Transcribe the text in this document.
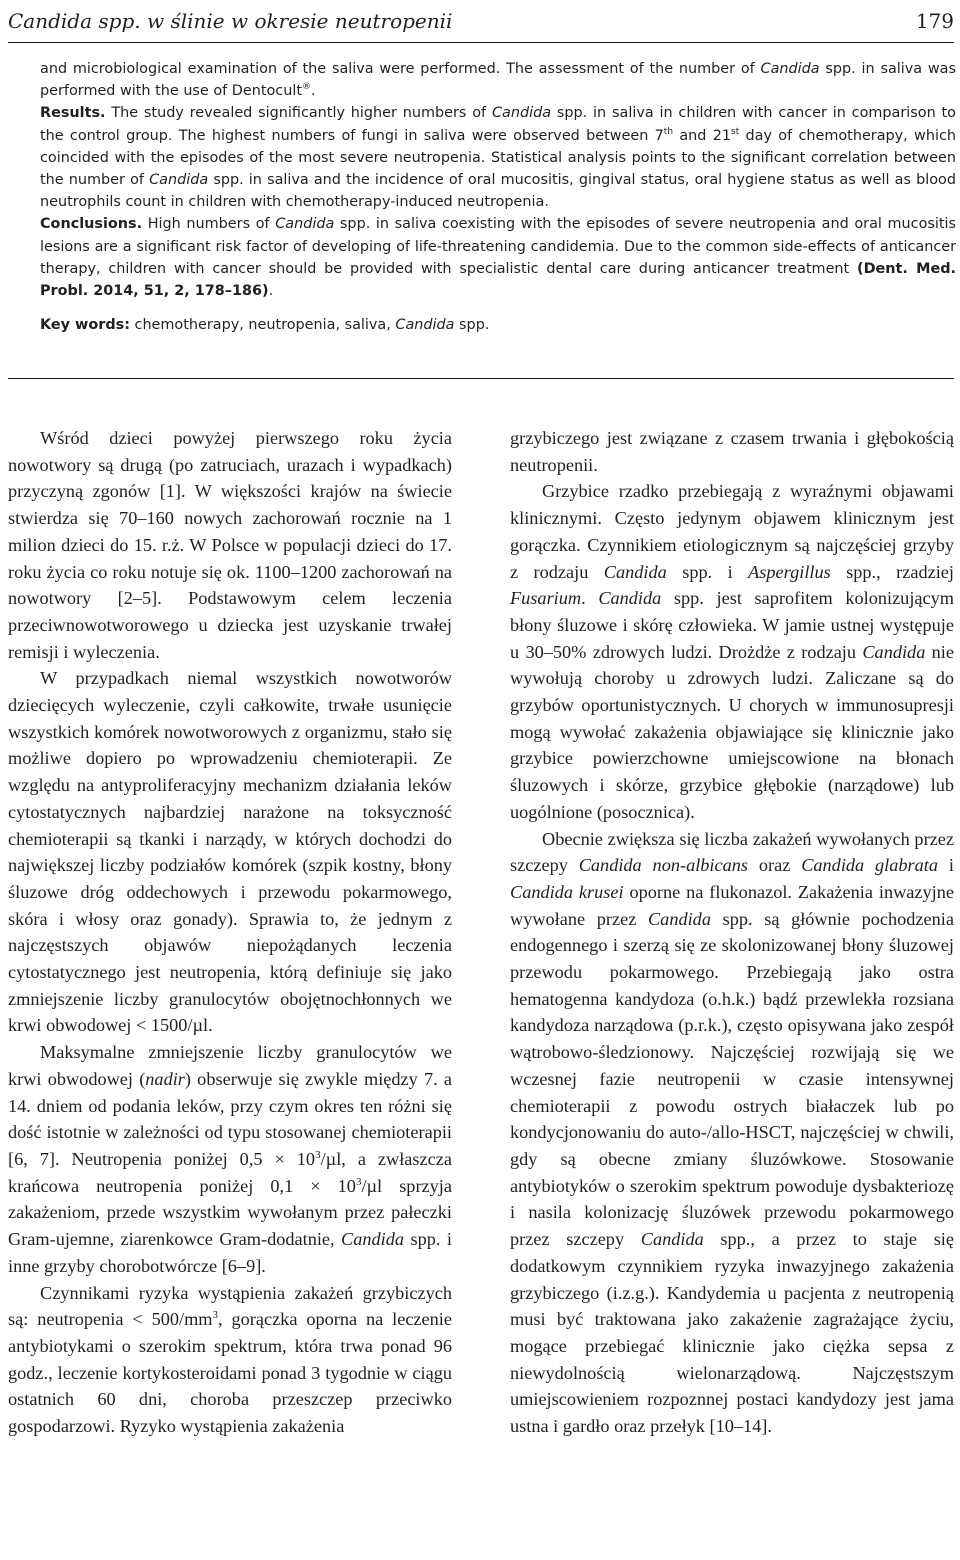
Candida spp. w ślinie w okresie neutropenii	179

and microbiological examination of the saliva were performed. The assessment of the number of Candida spp. in saliva was performed with the use of Dentocult®.
Results. The study revealed significantly higher numbers of Candida spp. in saliva in children with cancer in comparison to the control group. The highest numbers of fungi in saliva were observed between 7th and 21st day of chemotherapy, which coincided with the episodes of the most severe neutropenia. Statistical analysis points to the significant correlation between the number of Candida spp. in saliva and the incidence of oral mucositis, gingival status, oral hygiene status as well as blood neutrophils count in children with chemotherapy-induced neutropenia.
Conclusions. High numbers of Candida spp. in saliva coexisting with the episodes of severe neutropenia and oral mucositis lesions are a significant risk factor of developing of life-threatening candidemia. Due to the common side-effects of anticancer therapy, children with cancer should be provided with specialistic dental care during anticancer treatment (Dent. Med. Probl. 2014, 51, 2, 178–186).

Key words: chemotherapy, neutropenia, saliva, Candida spp.

Wśród dzieci powyżej pierwszego roku życia nowotwory są drugą (po zatruciach, urazach i wypadkach) przyczyną zgonów [1]. W większości krajów na świecie stwierdza się 70–160 nowych zachorowań rocznie na 1 milion dzieci do 15. r.ż. W Polsce w populacji dzieci do 17. roku życia co roku notuje się ok. 1100–1200 zachorowań na nowotwory [2–5]. Podstawowym celem leczenia przeciwnowotworowego u dziecka jest uzyskanie trwałej remisji i wyleczenia.

W przypadkach niemal wszystkich nowotworów dziecięcych wyleczenie, czyli całkowite, trwałe usunięcie wszystkich komórek nowotworowych z organizmu, stało się możliwe dopiero po wprowadzeniu chemioterapii. Ze względu na antyproliferacyjny mechanizm działania leków cytostatycznych najbardziej narażone na toksyczność chemioterapii są tkanki i narządy, w których dochodzi do największej liczby podziałów komórek (szpik kostny, błony śluzowe dróg oddechowych i przewodu pokarmowego, skóra i włosy oraz gonady). Sprawia to, że jednym z najczęstszych objawów niepożądanych leczenia cytostatycznego jest neutropenia, którą definiuje się jako zmniejszenie liczby granulocytów obojętnochłonnych we krwi obwodowej < 1500/µl.

Maksymalne zmniejszenie liczby granulocytów we krwi obwodowej (nadir) obserwuje się zwykle między 7. a 14. dniem od podania leków, przy czym okres ten różni się dość istotnie w zależności od typu stosowanej chemioterapii [6, 7]. Neutropenia poniżej $0,5 \times 10^3/\mu l$, a zwłaszcza krańcowa neutropenia poniżej $0,1 \times 10^3/\mu l$ sprzyja zakażeniom, przede wszystkim wywołanym przez pałeczki Gram-ujemne, ziarenkowce Gram-dodatnie, Candida spp. i inne grzyby chorobotwórcze [6–9].

Czynnikami ryzyka wystąpienia zakażeń grzybiczych są: neutropenia < $500/mm^3$, gorączka oporna na leczenie antybiotykami o szerokim spektrum, która trwa ponad 96 godz., leczenie kortykosteroidami ponad 3 tygodnie w ciągu ostatnich 60 dni, choroba przeszczep przeciwko gospodarzowi. Ryzyko wystąpienia zakażenia

grzybiczego jest związane z czasem trwania i głębokością neutropenii.

Grzybice rzadko przebiegają z wyraźnymi objawami klinicznymi. Często jedynym objawem klinicznym jest gorączka. Czynnikiem etiologicznym są najczęściej grzyby z rodzaju Candida spp. i Aspergillus spp., rzadziej Fusarium. Candida spp. jest saprofitem kolonizującym błony śluzowe i skórę człowieka. W jamie ustnej występuje u 30–50% zdrowych ludzi. Drożdże z rodzaju Candida nie wywołują choroby u zdrowych ludzi. Zaliczane są do grzybów oportunistycznych. U chorych w immunosupresji mogą wywołać zakażenia objawiające się klinicznie jako grzybice powierzchowne umiejscowione na błonach śluzowych i skórze, grzybice głębokie (narządowe) lub uogólnione (posocznica).

Obecnie zwiększa się liczba zakażeń wywołanych przez szczepy Candida non-albicans oraz Candida glabrata i Candida krusei oporne na flukonazol. Zakażenia inwazyjne wywołane przez Candida spp. są głównie pochodzenia endogennego i szerzą się ze skolonizowanej błony śluzowej przewodu pokarmowego. Przebiegają jako ostra hematogenna kandydoza (o.h.k.) bądź przewlekła rozsiana kandydoza narządowa (p.r.k.), często opisywana jako zespół wątrobowo-śledzionowy. Najczęściej rozwijają się we wczesnej fazie neutropenii w czasie intensywnej chemioterapii z powodu ostrych białaczek lub po kondycjonowaniu do auto-/allo-HSCT, najczęściej w chwili, gdy są obecne zmiany śluzówkowe. Stosowanie antybiotyków o szerokim spektrum powoduje dysbakteriozę i nasila kolonizację śluzówek przewodu pokarmowego przez szczepy Candida spp., a przez to staje się dodatkowym czynnikiem ryzyka inwazyjnego zakażenia grzybiczego (i.z.g.). Kandydemia u pacjenta z neutropenią musi być traktowana jako zakażenie zagrażające życiu, mogące przebiegać klinicznie jako ciężka sepsa z niewydolnością wielonarządową. Najczęstszym umiejscowieniem rozpoznnej postaci kandydozy jest jama ustna i gardło oraz przełyk [10–14].
